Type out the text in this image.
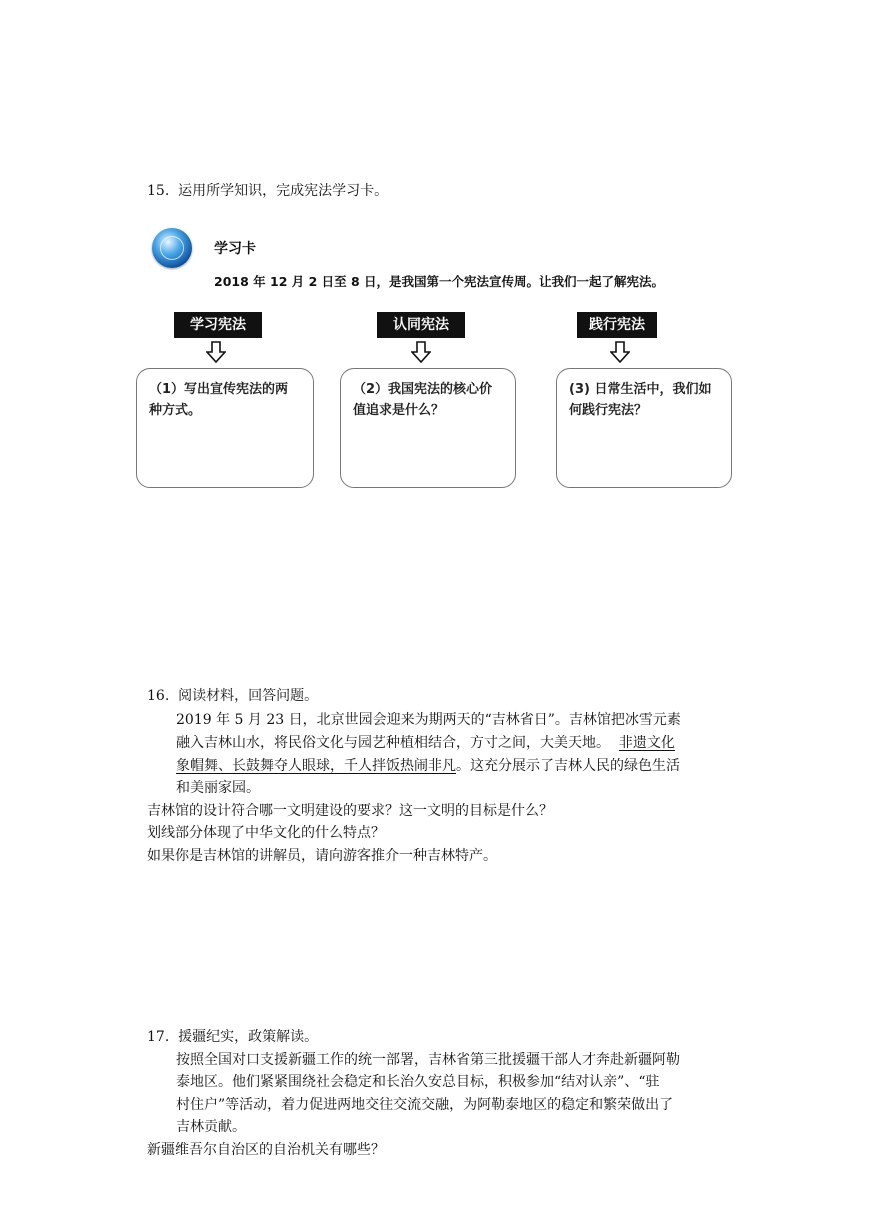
15. 运用所学知识，完成宪法学习卡。
学习卡
2018 年 12 月 2 日至 8 日，是我国第一个宪法宣传周。让我们一起了解宪法。
学习宪法
（1）写出宣传宪法的两
种方式。
认同宪法
（2）我国宪法的核心价
值追求是什么？
践行宪法
(3) 日常生活中，我们如
何践行宪法？
16. 阅读材料，回答问题。
2019 年 5 月 23 日，北京世园会迎来为期两天的“吉林省日”。吉林馆把冰雪元素
融入吉林山水，将民俗文化与园艺种植相结合，方寸之间，大美天地。 非遗文化
象帽舞、长鼓舞夺人眼球，千人拌饭热闹非凡。这充分展示了吉林人民的绿色生活
和美丽家园。
吉林馆的设计符合哪一文明建设的要求？这一文明的目标是什么？
划线部分体现了中华文化的什么特点？
如果你是吉林馆的讲解员，请向游客推介一种吉林特产。
17. 援疆纪实，政策解读。
按照全国对口支援新疆工作的统一部署，吉林省第三批援疆干部人才奔赴新疆阿勒
泰地区。他们紧紧围绕社会稳定和长治久安总目标，积极参加“结对认亲”、“驻
村住户”等活动，着力促进两地交往交流交融，为阿勒泰地区的稳定和繁荣做出了
吉林贡献。
新疆维吾尔自治区的自治机关有哪些？
